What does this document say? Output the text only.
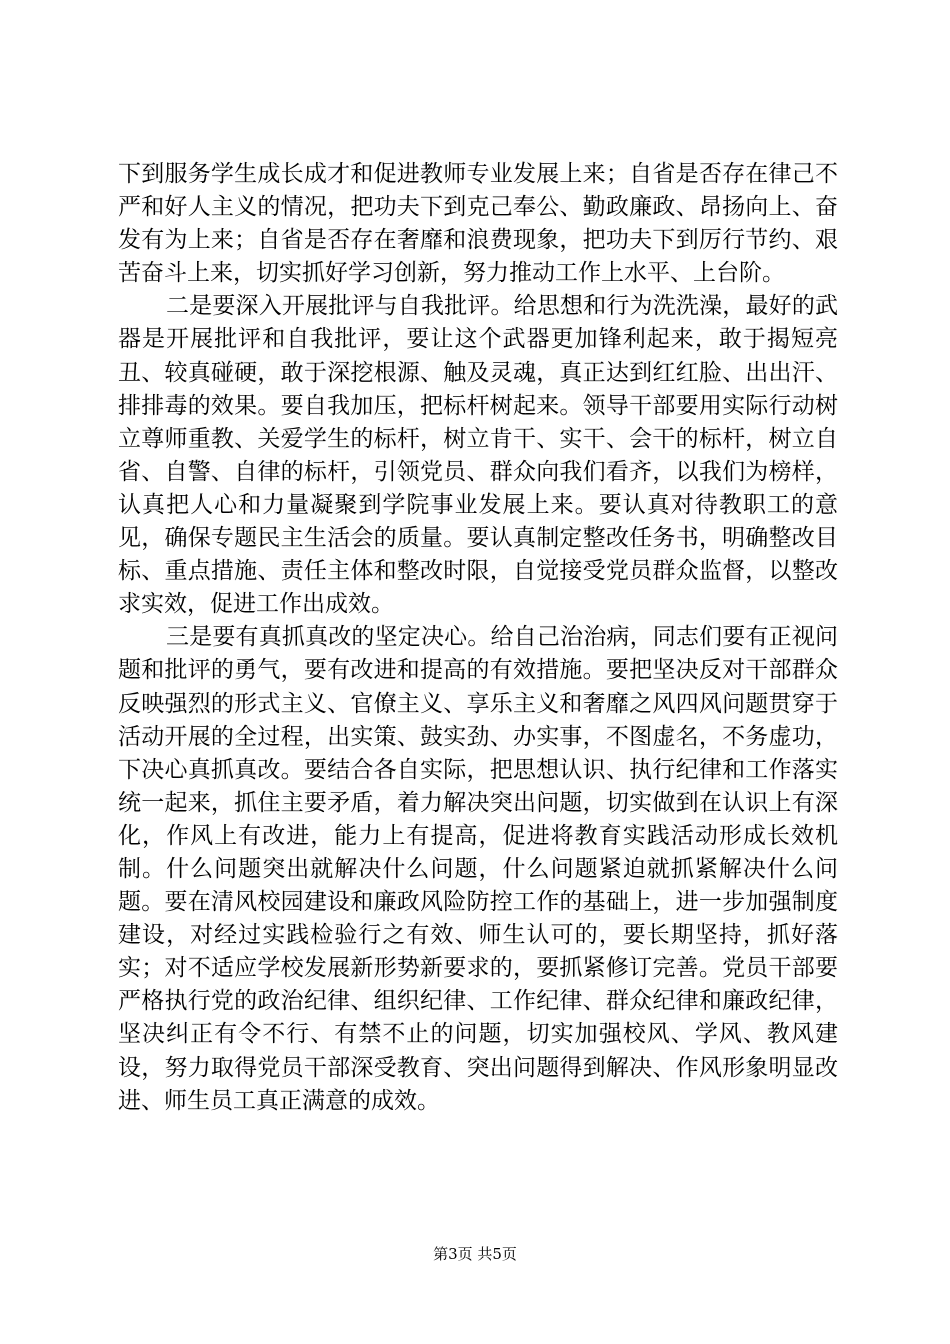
下到服务学生成长成才和促进教师专业发展上来；自省是否存在律己不严和好人主义的情况，把功夫下到克己奉公、勤政廉政、昂扬向上、奋发有为上来；自省是否存在奢靡和浪费现象，把功夫下到厉行节约、艰苦奋斗上来，切实抓好学习创新，努力推动工作上水平、上台阶。

二是要深入开展批评与自我批评。给思想和行为洗洗澡，最好的武器是开展批评和自我批评，要让这个武器更加锋利起来，敢于揭短亮丑、较真碰硬，敢于深挖根源、触及灵魂，真正达到红红脸、出出汗、排排毒的效果。要自我加压，把标杆树起来。领导干部要用实际行动树立尊师重教、关爱学生的标杆，树立肯干、实干、会干的标杆，树立自省、自警、自律的标杆，引领党员、群众向我们看齐，以我们为榜样，认真把人心和力量凝聚到学院事业发展上来。要认真对待教职工的意见，确保专题民主生活会的质量。要认真制定整改任务书，明确整改目标、重点措施、责任主体和整改时限，自觉接受党员群众监督，以整改求实效，促进工作出成效。

三是要有真抓真改的坚定决心。给自己治治病，同志们要有正视问题和批评的勇气，要有改进和提高的有效措施。要把坚决反对干部群众反映强烈的形式主义、官僚主义、享乐主义和奢靡之风四风问题贯穿于活动开展的全过程，出实策、鼓实劲、办实事，不图虚名，不务虚功，下决心真抓真改。要结合各自实际，把思想认识、执行纪律和工作落实统一起来，抓住主要矛盾，着力解决突出问题，切实做到在认识上有深化，作风上有改进，能力上有提高，促进将教育实践活动形成长效机制。什么问题突出就解决什么问题，什么问题紧迫就抓紧解决什么问题。要在清风校园建设和廉政风险防控工作的基础上，进一步加强制度建设，对经过实践检验行之有效、师生认可的，要长期坚持，抓好落实；对不适应学校发展新形势新要求的，要抓紧修订完善。党员干部要严格执行党的政治纪律、组织纪律、工作纪律、群众纪律和廉政纪律，坚决纠正有令不行、有禁不止的问题，切实加强校风、学风、教风建设，努力取得党员干部深受教育、突出问题得到解决、作风形象明显改进、师生员工真正满意的成效。

第3页 共5页
